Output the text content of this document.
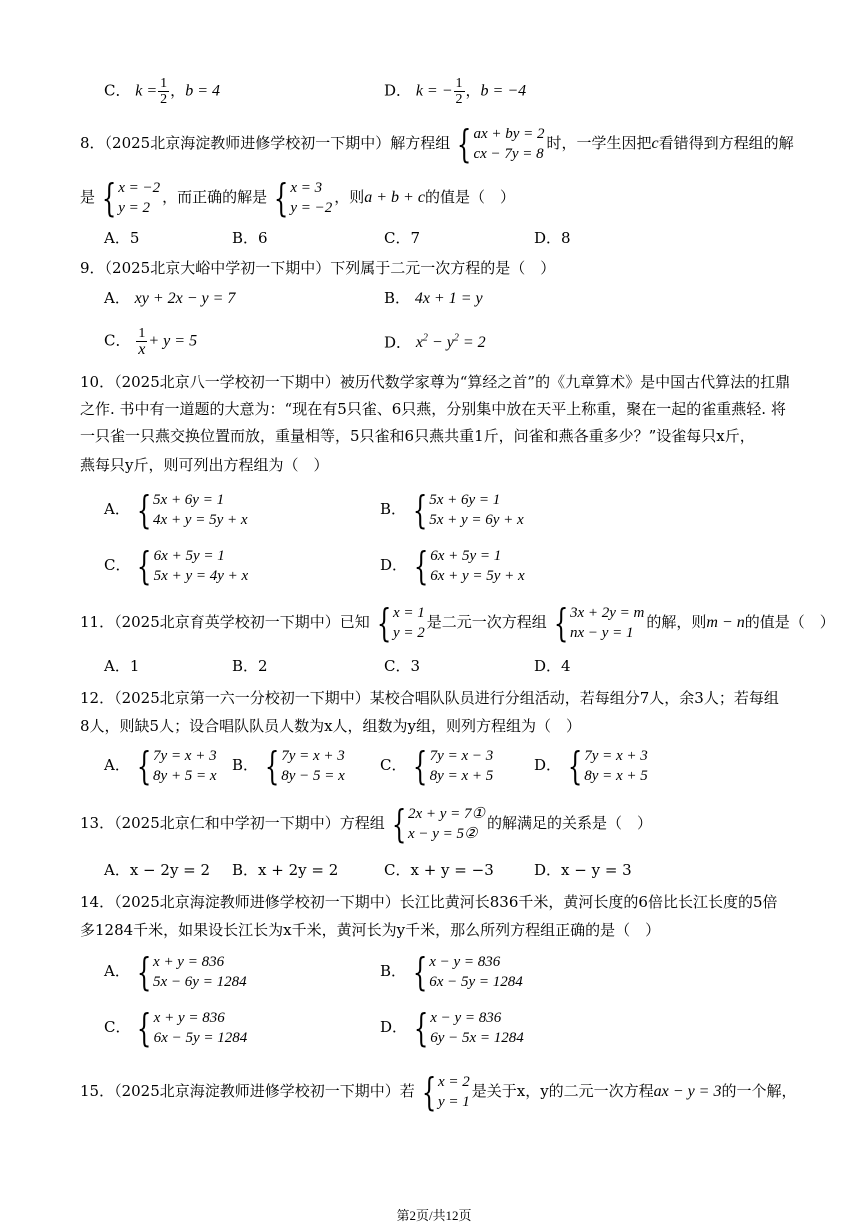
C． $k = \frac{1}{2}$ ，b = 4	D． k = − $\frac{1}{2}$ ，b = −4
8．（2025北京海淀教师进修学校初一下期中）解方程组 { ax + by = 2
cx − 7y = 8
时，一学生因把c看错得到方程组的解
是 { x = −2
y = 2
，而正确的解是 { x = 3
y = −2
，则a + b + c的值是（　）
A．5	B．6	C．7	D．8
9．（2025北京大峪中学初一下期中）下列属于二元一次方程的是（　）
A． xy + 2x − y = 7	B． 4x + 1 = y
C． $\frac{1}{x} + y = 5$	D． $x^2 - y^2 = 2$
10．（2025北京八一学校初一下期中）被历代数学家尊为“算经之首”的《九章算术》是中国古代算法的扛鼎
之作. 书中有一道题的大意为：“现在有5只雀、6只燕，分别集中放在天平上称重，聚在一起的雀重燕轻. 将
一只雀一只燕交换位置而放，重量相等，5只雀和6只燕共重1斤，问雀和燕各重多少？”设雀每只x斤，
燕每只y斤，则可列出方程组为（　）
A． { 5x + 6y = 1
4x + y = 5y + x
B． { 5x + 6y = 1
5x + y = 6y + x
C． { 6x + 5y = 1
5x + y = 4y + x
D． { 6x + 5y = 1
6x + y = 5y + x
11．（2025北京育英学校初一下期中）已知 { x = 1
y = 2
是二元一次方程组 { 3x + 2y = m
nx − y = 1
的解，则m − n的值是（　）
A．1	B．2	C．3	D．4
12．（2025北京第一六一分校初一下期中）某校合唱队队员进行分组活动，若每组分7人，余3人；若每组
8人，则缺5人；设合唱队队员人数为x人，组数为y组，则列方程组为（　）
A． { 7y = x + 3
8y + 5 = x
B． { 7y = x + 3
8y − 5 = x
C． { 7y = x − 3
8y = x + 5
D． { 7y = x + 3
8y = x + 5
13．（2025北京仁和中学初一下期中）方程组 { 2x + y = 7①
x − y = 5②
的解满足的关系是（　）
A．x − 2y = 2 B．x + 2y = 2	C．x + y = −3	D．x − y = 3
14．（2025北京海淀教师进修学校初一下期中）长江比黄河长836千米，黄河长度的6倍比长江长度的5倍
多1284千米，如果设长江长为x千米，黄河长为y千米，那么所列方程组正确的是（　）
A． { x + y = 836
5x − 6y = 1284
B． { x − y = 836
6x − 5y = 1284
C． { x + y = 836
6x − 5y = 1284
D． { x − y = 836
6y − 5x = 1284
15．（2025北京海淀教师进修学校初一下期中）若 { x = 2
y = 1
是关于x，y的二元一次方程ax − y = 3的一个解，
第2页/共12页
